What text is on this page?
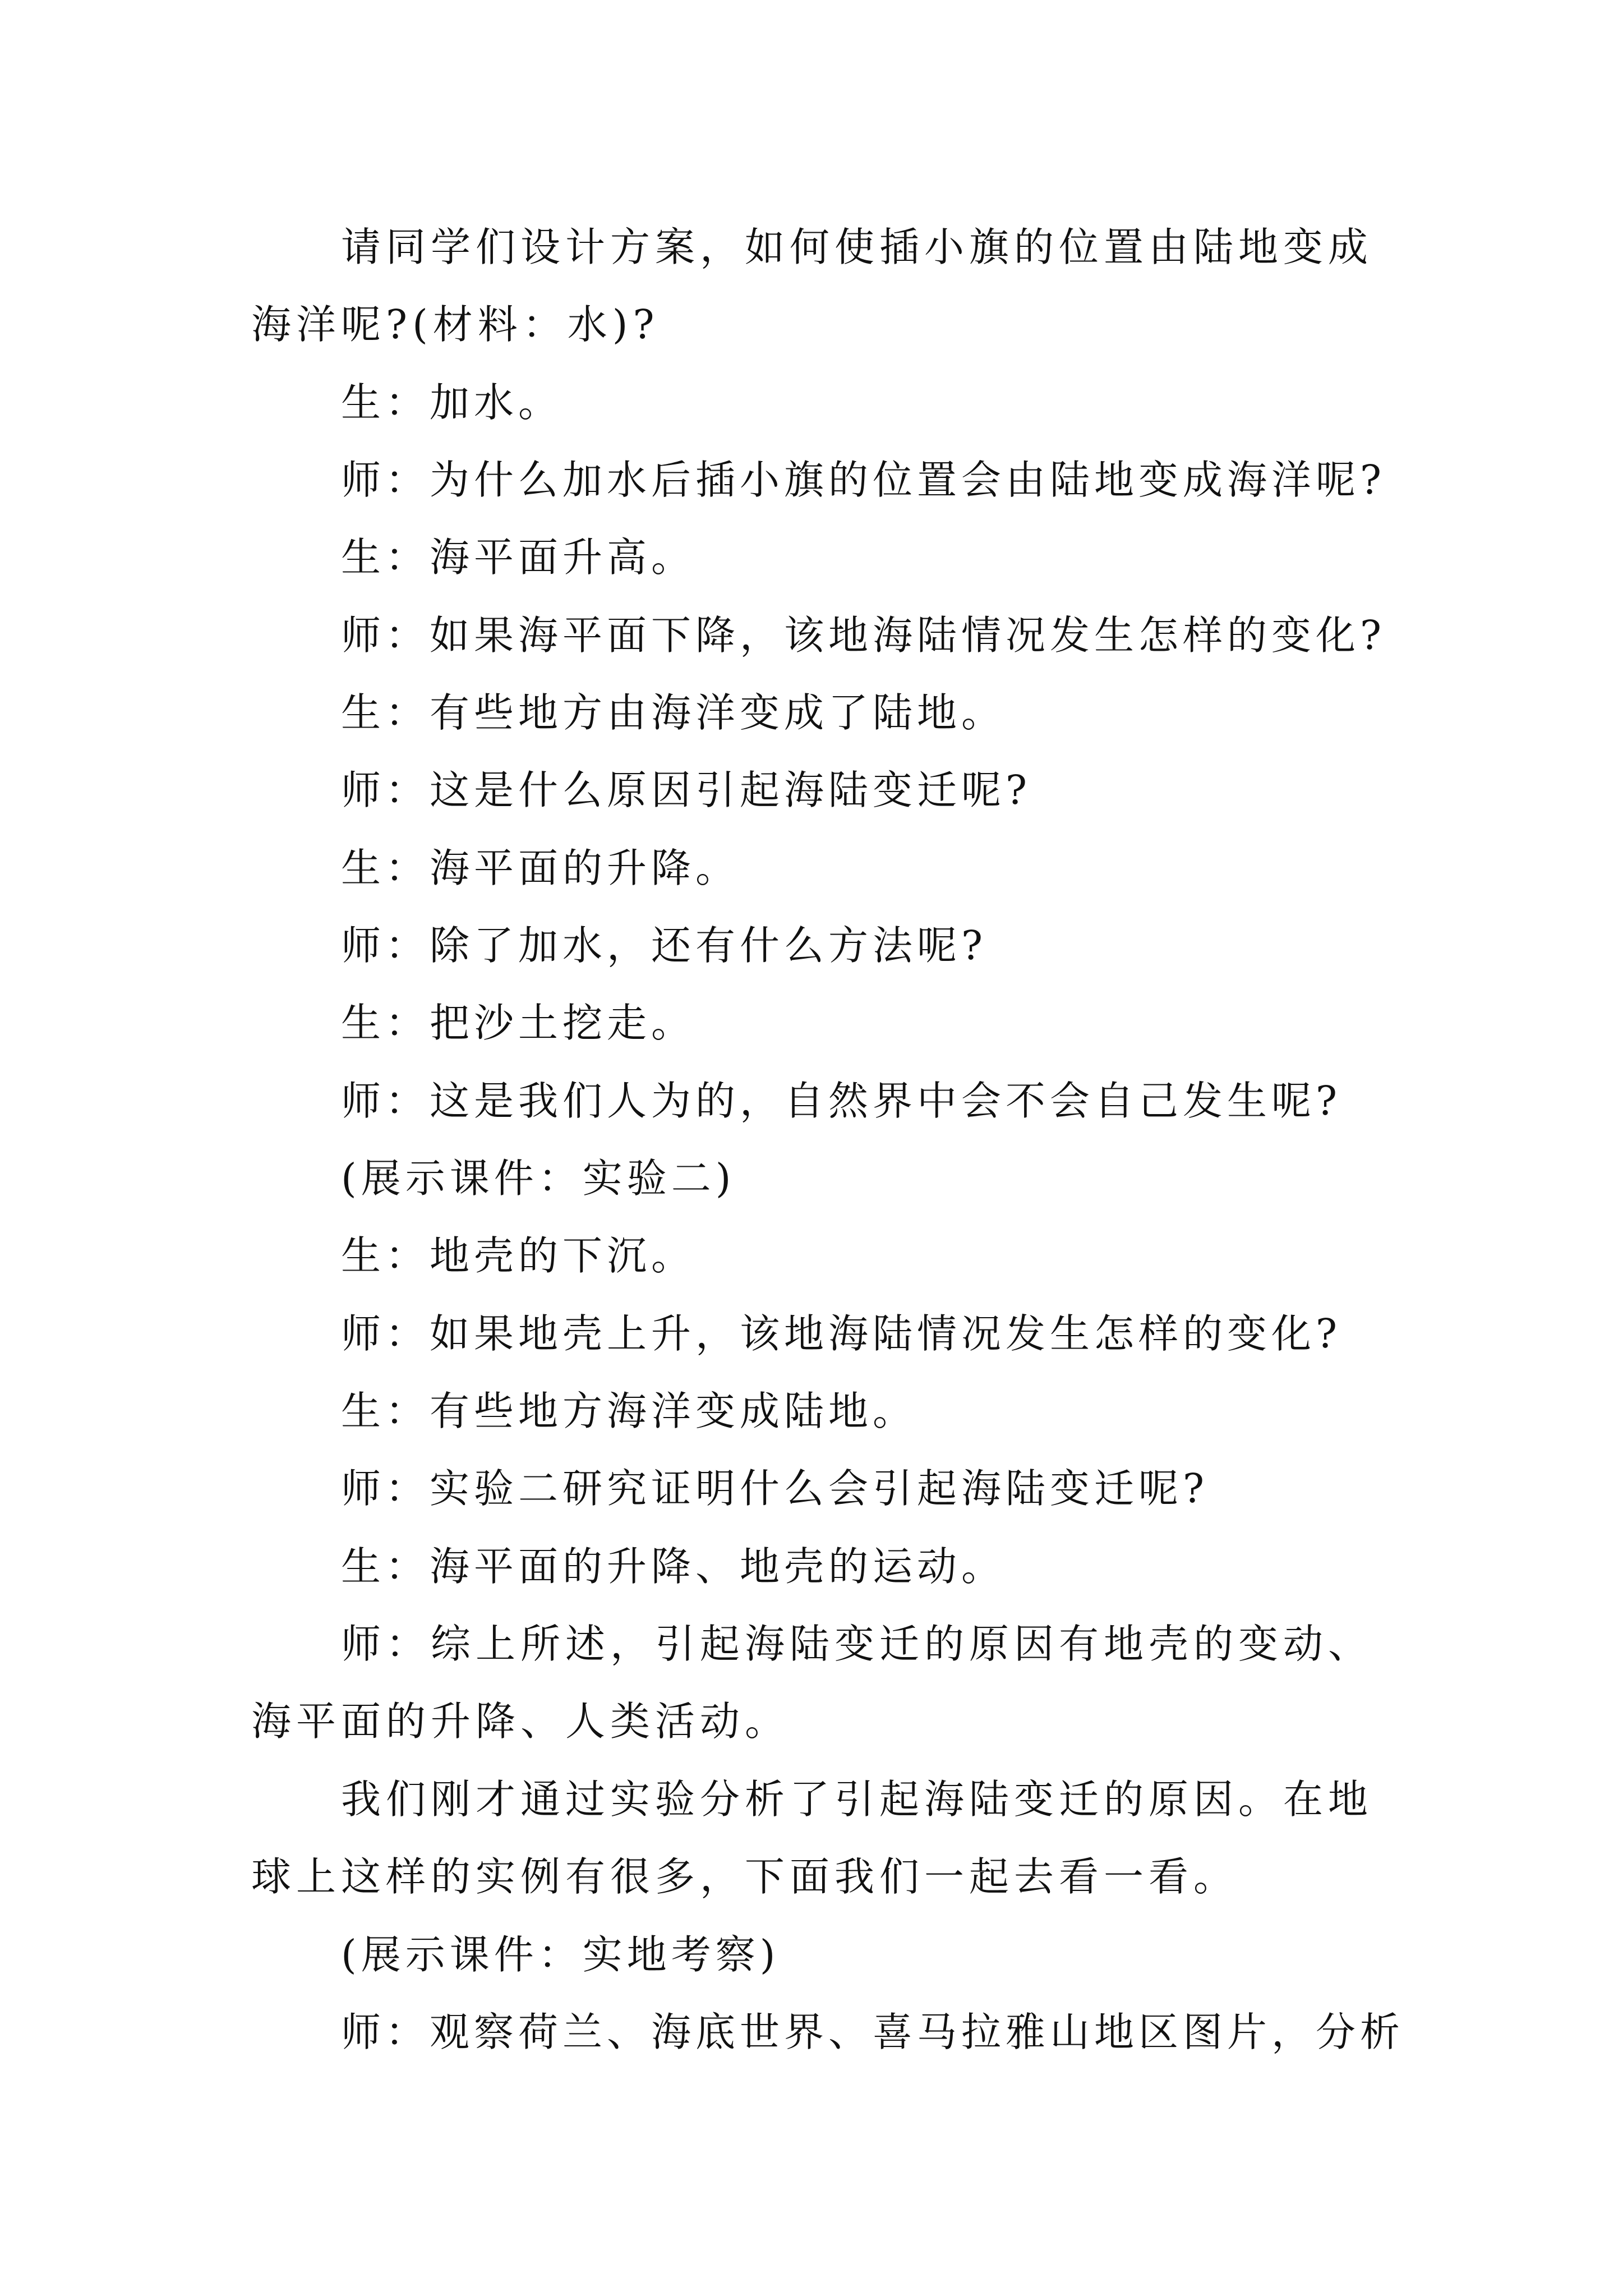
请同学们设计方案，如何使插小旗的位置由陆地变成海洋呢?(材料：水)?

生：加水。

师：为什么加水后插小旗的位置会由陆地变成海洋呢?

生：海平面升高。

师：如果海平面下降，该地海陆情况发生怎样的变化?

生：有些地方由海洋变成了陆地。

师：这是什么原因引起海陆变迁呢?

生：海平面的升降。

师：除了加水，还有什么方法呢?

生：把沙土挖走。

师：这是我们人为的，自然界中会不会自己发生呢?

(展示课件：实验二)

生：地壳的下沉。

师：如果地壳上升，该地海陆情况发生怎样的变化?

生：有些地方海洋变成陆地。

师：实验二研究证明什么会引起海陆变迁呢?

生：海平面的升降、地壳的运动。

师：综上所述，引起海陆变迁的原因有地壳的变动、海平面的升降、人类活动。

我们刚才通过实验分析了引起海陆变迁的原因。在地球上这样的实例有很多，下面我们一起去看一看。

(展示课件：实地考察)

师：观察荷兰、海底世界、喜马拉雅山地区图片，分析
